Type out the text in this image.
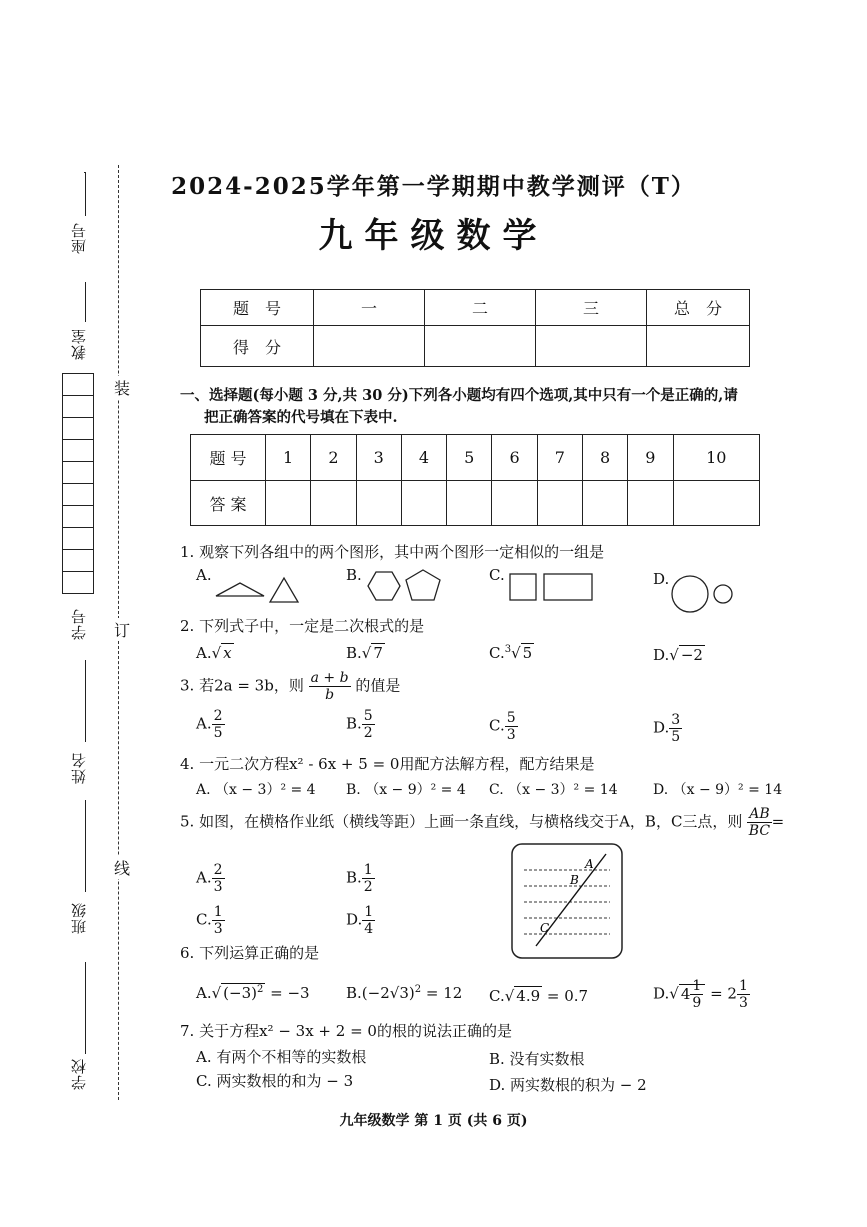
座号
教室
学号
姓名
班级
学校
装
订
线
2024-2025学年第一学期期中教学测评（T）
九年级数学
题　号	一	二	三	总　分
得　分				
一、选择题(每小题 3 分,共 30 分)下列各小题均有四个选项,其中只有一个是正确的,请
把正确答案的代号填在下表中.
题 号	1	2	3	4	5	6	7	8	9	10
答 案										
1. 观察下列各组中的两个图形，其中两个图形一定相似的一组是
A.	B.	C.	D.
2. 下列式子中，一定是二次根式的是
A.√ x	B.√ 7	C.$^3$√ 5	D.√ −2
3. 若2a = 3b，则 $\frac{a + b}{b}$ 的值是
A. $\frac{2}{5}$	B. $\frac{5}{2}$	C. $\frac{5}{3}$	D. $\frac{3}{5}$
4. 一元二次方程x² - 6x + 5 = 0用配方法解方程，配方结果是
A. （x − 3）² = 4 B. （x − 9）² = 4 C. （x − 3）² = 14	D. （x − 9）² = 14
5. 如图，在横格作业纸（横线等距）上画一条直线，与横格线交于A，B，C三点，则 $\frac{AB}{BC}$ =
A. $\frac{2}{3}$	B. $\frac{1}{2}$
C. $\frac{1}{3}$	D. $\frac{1}{4}$
A
B
C
6. 下列运算正确的是
A.√ $(-3)^2 = -3$ $B.(-2√3)^2 = 12$ C.√ 4.9 = 0.7	D.√ $4 \frac{1}{9} = 2 \frac{1}{3}$
7. 关于方程x² − 3x + 2 = 0的根的说法正确的是
A. 有两个不相等的实数根	B. 没有实数根
C. 两实数根的和为 − 3	D. 两实数根的积为 − 2
九年级数学 第 1 页 (共 6 页)
